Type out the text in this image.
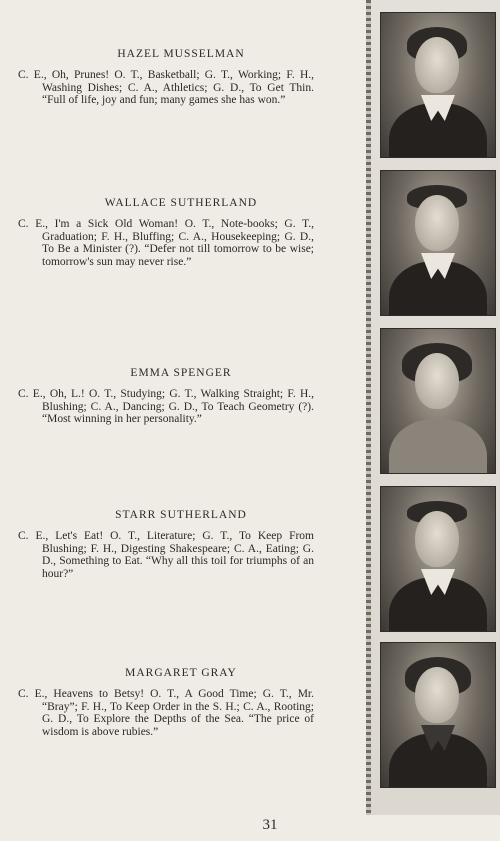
HAZEL MUSSELMAN

C. E., Oh, Prunes! O. T., Basketball; G. T., Working; F. H., Washing Dishes; C. A., Athletics; G. D., To Get Thin. “Full of life, joy and fun; many games she has won.”

WALLACE SUTHERLAND

C. E., I'm a Sick Old Woman! O. T., Note-books; G. T., Graduation; F. H., Bluffing; C. A., Housekeeping; G. D., To Be a Minister (?). “Defer not till tomorrow to be wise; tomorrow's sun may never rise.”

EMMA SPENGER

C. E., Oh, L.! O. T., Studying; G. T., Walking Straight; F. H., Blushing; C. A., Dancing; G. D., To Teach Geometry (?). “Most winning in her personality.”

STARR SUTHERLAND

C. E., Let's Eat! O. T., Literature; G. T., To Keep From Blushing; F. H., Digesting Shakespeare; C. A., Eating; G. D., Something to Eat. “Why all this toil for triumphs of an hour?”

MARGARET GRAY

C. E., Heavens to Betsy! O. T., A Good Time; G. T., Mr. “Bray”; F. H., To Keep Order in the S. H.; C. A., Rooting; G. D., To Explore the Depths of the Sea. “The price of wisdom is above rubies.”

31
